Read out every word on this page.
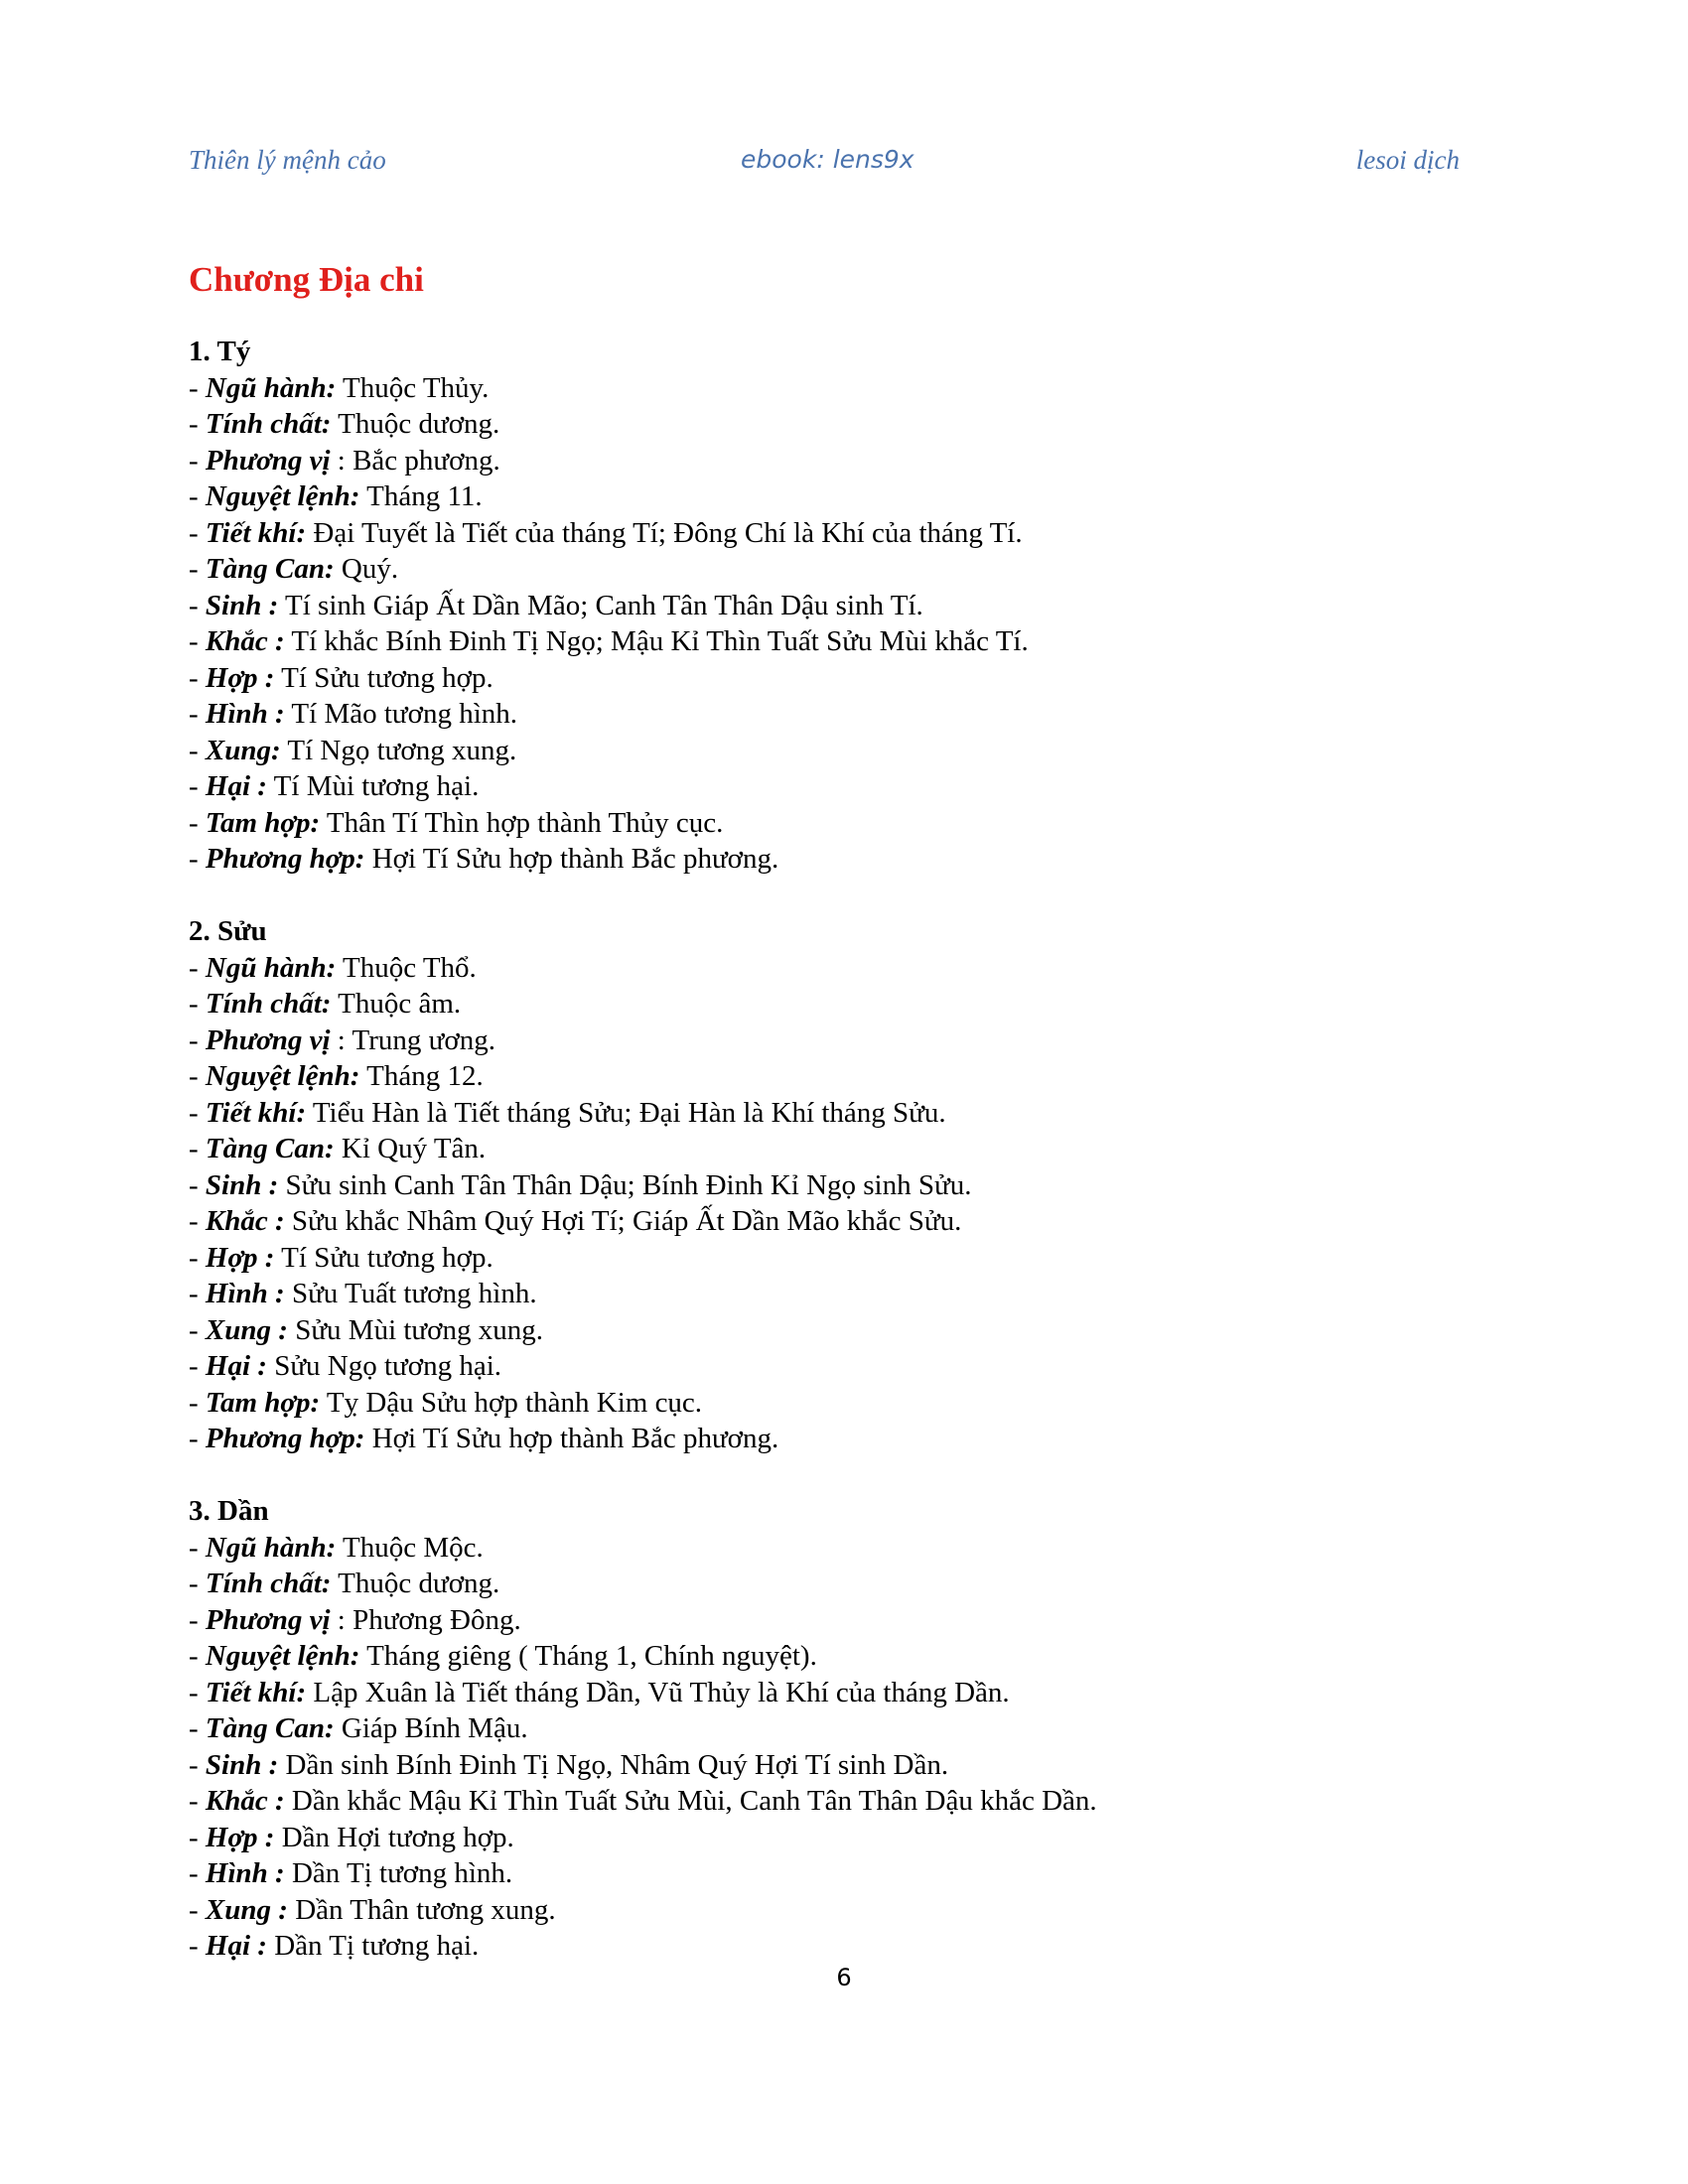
Thiên lý mệnh cảo	ebook: lens9x	lesoi dịch
Chương Địa chi
1. Tý
- Ngũ hành: Thuộc Thủy.
- Tính chất: Thuộc dương.
- Phương vị : Bắc phương.
- Nguyệt lệnh: Tháng 11.
- Tiết khí: Đại Tuyết là Tiết của tháng Tí; Đông Chí là Khí của tháng Tí.
- Tàng Can: Quý.
- Sinh : Tí sinh Giáp Ất Dần Mão; Canh Tân Thân Dậu sinh Tí.
- Khắc : Tí khắc Bính Đinh Tị Ngọ; Mậu Kỉ Thìn Tuất Sửu Mùi khắc Tí.
- Hợp : Tí Sửu tương hợp.
- Hình : Tí Mão tương hình.
- Xung: Tí Ngọ tương xung.
- Hại : Tí Mùi tương hại.
- Tam hợp: Thân Tí Thìn hợp thành Thủy cục.
- Phương hợp: Hợi Tí Sửu hợp thành Bắc phương.
2. Sửu
- Ngũ hành: Thuộc Thổ.
- Tính chất: Thuộc âm.
- Phương vị : Trung ương.
- Nguyệt lệnh: Tháng 12.
- Tiết khí: Tiểu Hàn là Tiết tháng Sửu; Đại Hàn là Khí tháng Sửu.
- Tàng Can: Kỉ Quý Tân.
- Sinh : Sửu sinh Canh Tân Thân Dậu; Bính Đinh Kỉ Ngọ sinh Sửu.
- Khắc : Sửu khắc Nhâm Quý Hợi Tí; Giáp Ất Dần Mão khắc Sửu.
- Hợp : Tí Sửu tương hợp.
- Hình : Sửu Tuất tương hình.
- Xung : Sửu Mùi tương xung.
- Hại : Sửu Ngọ tương hại.
- Tam hợp: Tỵ Dậu Sửu hợp thành Kim cục.
- Phương hợp: Hợi Tí Sửu hợp thành Bắc phương.
3. Dần
- Ngũ hành: Thuộc Mộc.
- Tính chất: Thuộc dương.
- Phương vị : Phương Đông.
- Nguyệt lệnh: Tháng giêng ( Tháng 1, Chính nguyệt).
- Tiết khí: Lập Xuân là Tiết tháng Dần, Vũ Thủy là Khí của tháng Dần.
- Tàng Can: Giáp Bính Mậu.
- Sinh : Dần sinh Bính Đinh Tị Ngọ, Nhâm Quý Hợi Tí sinh Dần.
- Khắc : Dần khắc Mậu Kỉ Thìn Tuất Sửu Mùi, Canh Tân Thân Dậu khắc Dần.
- Hợp : Dần Hợi tương hợp.
- Hình : Dần Tị tương hình.
- Xung : Dần Thân tương xung.
- Hại : Dần Tị tương hại.
6
